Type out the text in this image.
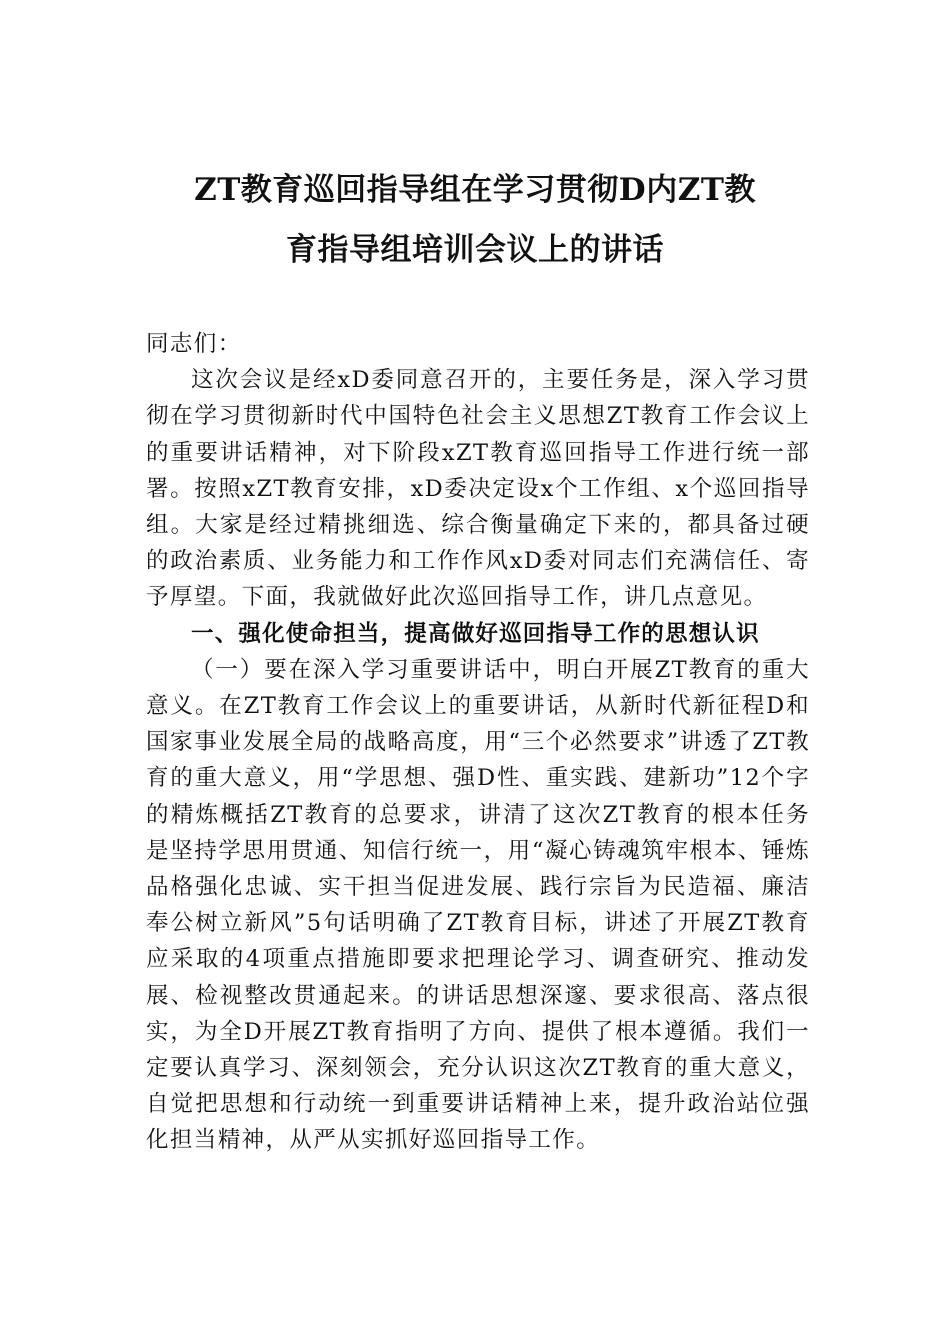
ZT教育巡回指导组在学习贯彻D内ZT教
育指导组培训会议上的讲话

同志们：

这次会议是经xD委同意召开的，主要任务是，深入学习贯彻在学习贯彻新时代中国特色社会主义思想ZT教育工作会议上的重要讲话精神，对下阶段xZT教育巡回指导工作进行统一部署。按照xZT教育安排，xD委决定设x个工作组、x个巡回指导组。大家是经过精挑细选、综合衡量确定下来的，都具备过硬的政治素质、业务能力和工作作风xD委对同志们充满信任、寄予厚望。下面，我就做好此次巡回指导工作，讲几点意见。

一、强化使命担当，提高做好巡回指导工作的思想认识

（一）要在深入学习重要讲话中，明白开展ZT教育的重大意义。在ZT教育工作会议上的重要讲话，从新时代新征程D和国家事业发展全局的战略高度，用“三个必然要求”讲透了ZT教育的重大意义，用“学思想、强D性、重实践、建新功”12个字的精炼概括ZT教育的总要求，讲清了这次ZT教育的根本任务是坚持学思用贯通、知信行统一，用“凝心铸魂筑牢根本、锤炼品格强化忠诚、实干担当促进发展、践行宗旨为民造福、廉洁奉公树立新风”5句话明确了ZT教育目标，讲述了开展ZT教育应采取的4项重点措施即要求把理论学习、调查研究、推动发展、检视整改贯通起来。的讲话思想深邃、要求很高、落点很实，为全D开展ZT教育指明了方向、提供了根本遵循。我们一定要认真学习、深刻领会，充分认识这次ZT教育的重大意义，自觉把思想和行动统一到重要讲话精神上来，提升政治站位强化担当精神，从严从实抓好巡回指导工作。
